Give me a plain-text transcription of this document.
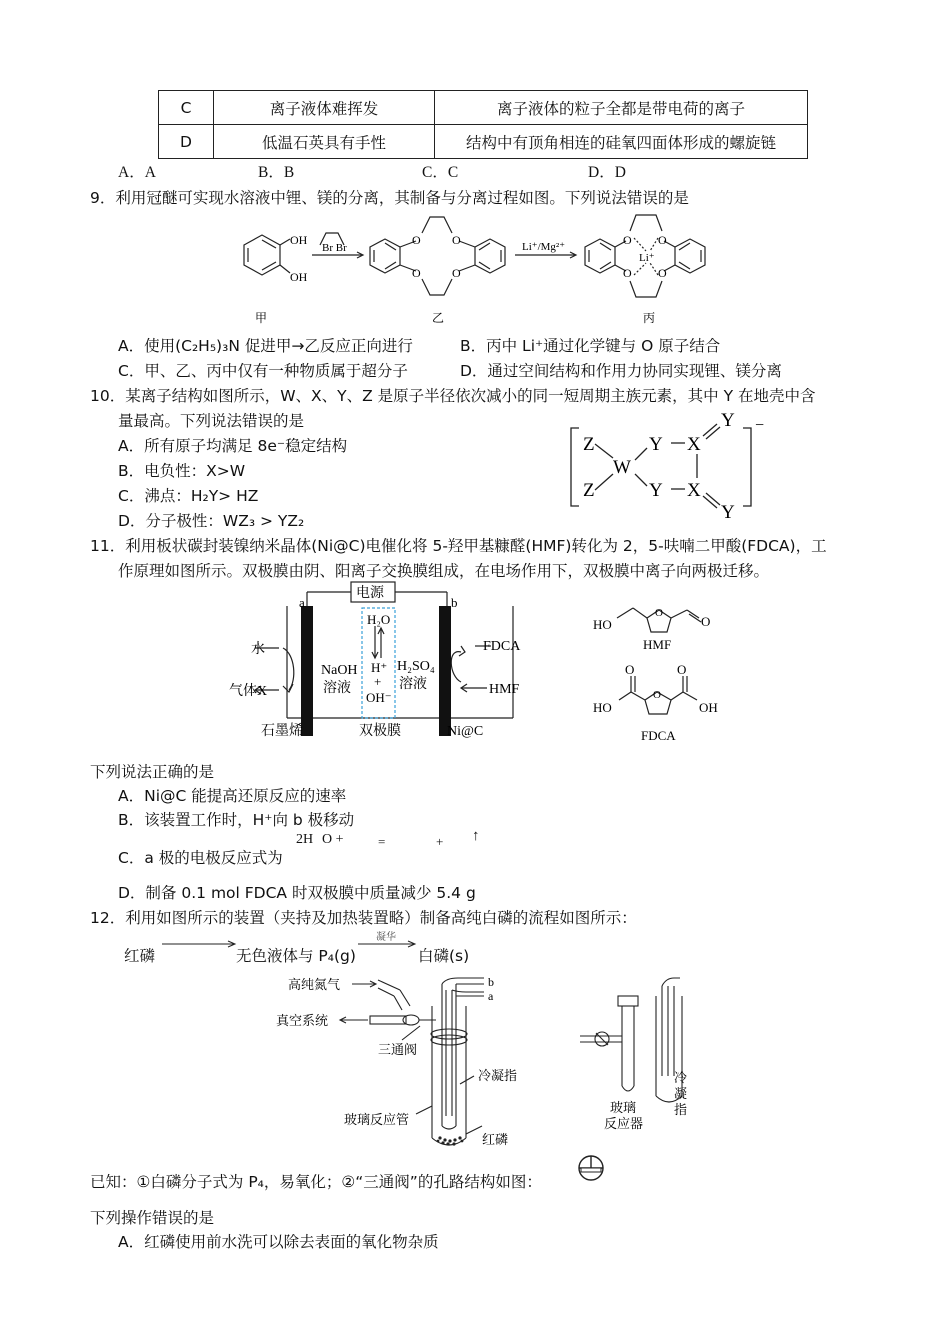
C	离子液体难挥发	离子液体的粒子全都是带电荷的离子
D	低温石英具有手性	结构中有顶角相连的硅氧四面体形成的螺旋链
A．A	B．B	C．C	D．D
9．利用冠醚可实现水溶液中锂、镁的分离，其制备与分离过程如图。下列说法错误的是
OH
OH
Br Br
O	O
O	O
Li⁺/Mg²⁺	O O
O O
Li⁺
甲	乙	丙
A．使用(C₂H₅)₃N 促进甲→乙反应正向进行	B．丙中 Li⁺通过化学键与 O 原子结合
C．甲、乙、丙中仅有一种物质属于超分子	D．通过空间结构和作用力协同实现锂、镁分离
10．某离子结构如图所示，W、X、Y、Z 是原子半径依次减小的同一短周期主族元素，其中 Y 在地壳中含
量最高。下列说法错误的是
A．所有原子均满足 8e⁻稳定结构
B．电负性：X>W
C．沸点：H₂Y> HZ
D．分子极性：WZ₃ > YZ₂
Z
Z
W
Y
Y
X
X
Y
Y
−
11．利用板状碳封装镍纳米晶体(Ni@C)电催化将 5-羟甲基糠醛(HMF)转化为 2，5-呋喃二甲酸(FDCA)，工
作原理如图所示。双极膜由阴、阳离子交换膜组成，在电场作用下，双极膜中离子向两极迁移。
电源
a	b
水
气体X
NaOH
溶液
H₂O
H⁺
+
OH⁻
H₂SO₄
溶液
FDCA
HMF
石墨烯	双极膜	Ni@C
HO
O
O
HMF
O	O
HO
O
OH
FDCA
下列说法正确的是
A．Ni@C 能提高还原反应的速率
B．该装置工作时，H⁺向 b 极移动
C．a 极的电极反应式为
2H O +	=	+ ↑
D．制备 0.1 mol FDCA 时双极膜中质量减少 5.4 g
12．利用如图所示的装置（夹持及加热装置略）制备高纯白磷的流程如图所示：
红磷	无色液体与 P₄(g)
凝华
白磷(s)
高纯氮气
真空系统
三通阀
冷凝指
玻璃反应管
红磷
b
a
玻璃
反应器
冷
凝
指
已知：①白磷分子式为 P₄，易氧化；②“三通阀”的孔路结构如图：
下列操作错误的是
A．红磷使用前水洗可以除去表面的氧化物杂质
